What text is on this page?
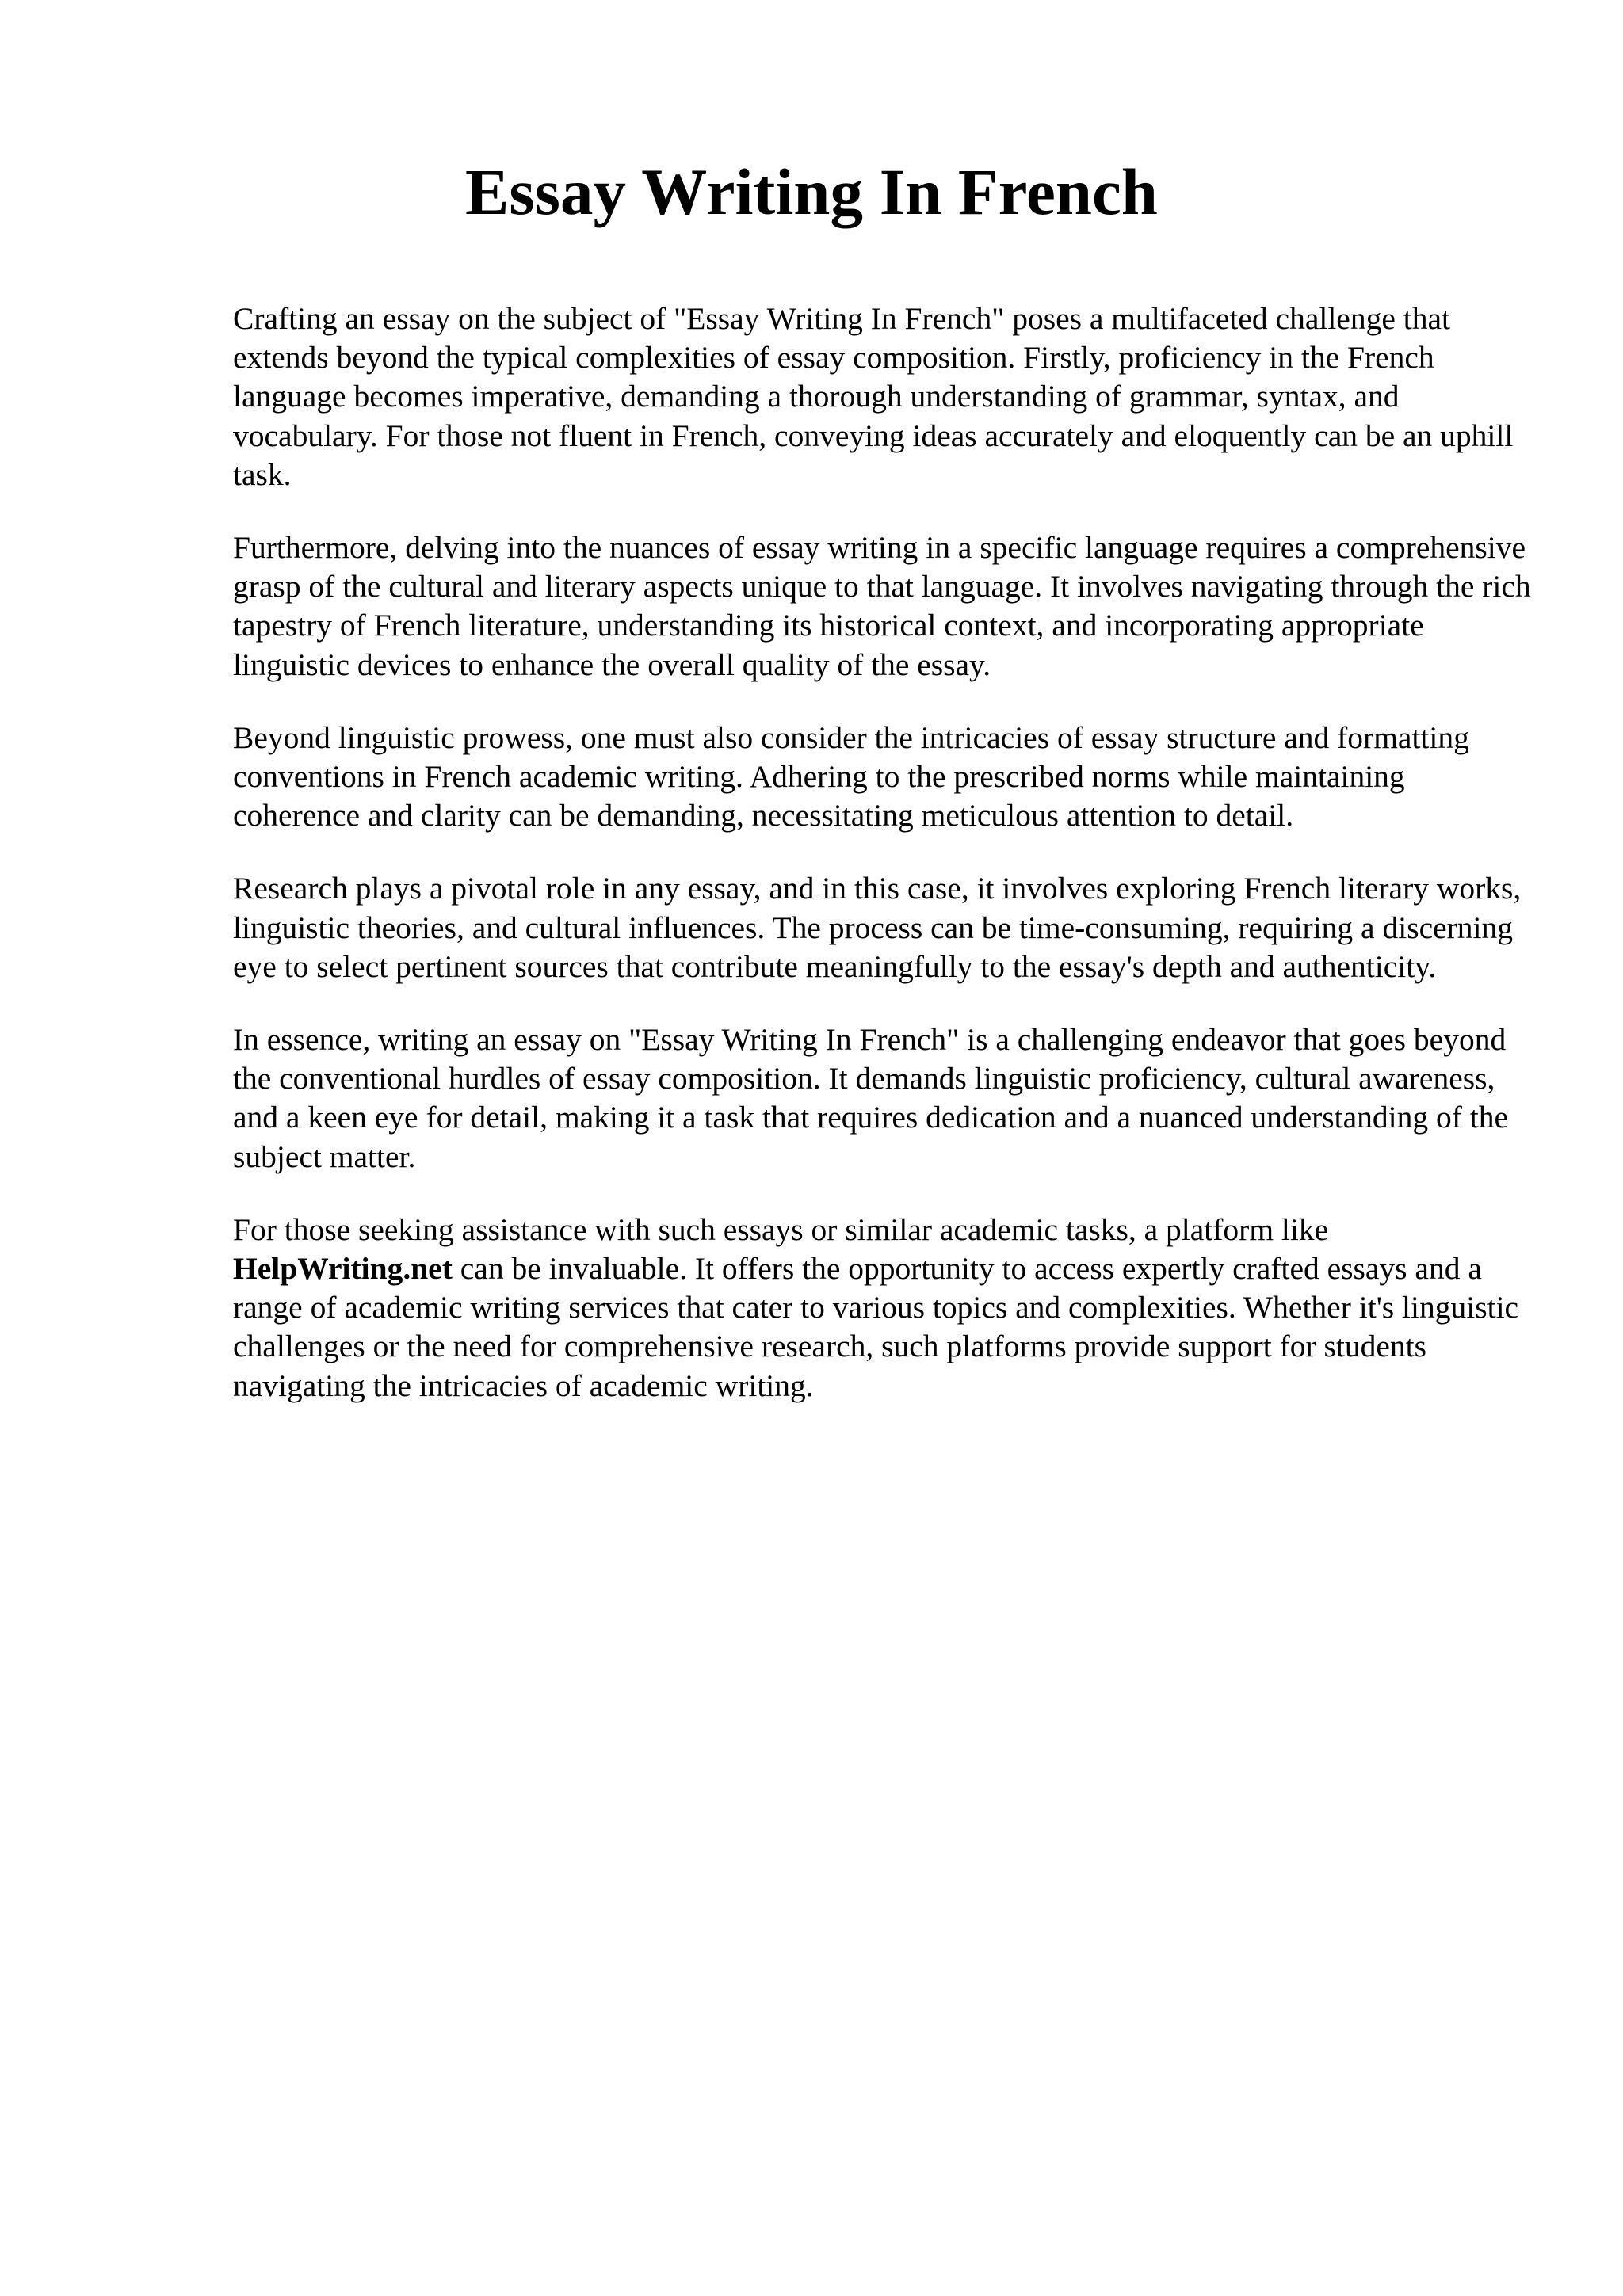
Essay Writing In French

Crafting an essay on the subject of "Essay Writing In French" poses a multifaceted challenge that extends beyond the typical complexities of essay composition. Firstly, proficiency in the French language becomes imperative, demanding a thorough understanding of grammar, syntax, and vocabulary. For those not fluent in French, conveying ideas accurately and eloquently can be an uphill task.

Furthermore, delving into the nuances of essay writing in a specific language requires a comprehensive grasp of the cultural and literary aspects unique to that language. It involves navigating through the rich tapestry of French literature, understanding its historical context, and incorporating appropriate linguistic devices to enhance the overall quality of the essay.

Beyond linguistic prowess, one must also consider the intricacies of essay structure and formatting conventions in French academic writing. Adhering to the prescribed norms while maintaining coherence and clarity can be demanding, necessitating meticulous attention to detail.

Research plays a pivotal role in any essay, and in this case, it involves exploring French literary works, linguistic theories, and cultural influences. The process can be time-consuming, requiring a discerning eye to select pertinent sources that contribute meaningfully to the essay's depth and authenticity.

In essence, writing an essay on "Essay Writing In French" is a challenging endeavor that goes beyond the conventional hurdles of essay composition. It demands linguistic proficiency, cultural awareness, and a keen eye for detail, making it a task that requires dedication and a nuanced understanding of the subject matter.

For those seeking assistance with such essays or similar academic tasks, a platform like HelpWriting.net can be invaluable. It offers the opportunity to access expertly crafted essays and a range of academic writing services that cater to various topics and complexities. Whether it's linguistic challenges or the need for comprehensive research, such platforms provide support for students navigating the intricacies of academic writing.
